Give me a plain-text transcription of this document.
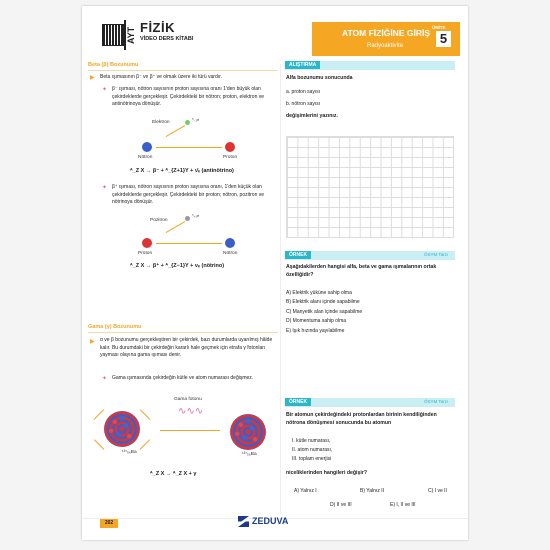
AYT FİZİK
VİDEO DERS KİTABI
ATOM FİZİĞİNE GİRİŞ
Radyoaktivite
ÜNİTE
5
Beta (β) Bozunumu
▶ Beta ışımasının β⁻ ve β⁺ ve olmak üzere iki türü vardır.
✦ β⁻ ışıması, nötron sayısının proton sayısına oranı 1'den büyük olan çekirdeklerde gerçekleşir. Çekirdekteki bir nötron; proton, elektron ve antinötrinoya dönüşür.
Elektron
⁰₋₁e
Nötron	Proton
ᴬ_Z X → β⁻ + ᴬ_{Z+1}Y + ν̄ₑ (antinötrino)
✦ β⁺ ışıması, nötron sayısının proton sayısına oranı, 1'den küçük olan çekirdeklerde gerçekleşir. Çekirdekteki bir proton; nötron, pozitron ve nötrinoya dönüşür.
Pozitron
⁰₊₁e
Proton	Nötron
ᴬ_Z X → β⁺ + ᴬ_{Z−1}Y + νₑ (nötrino)
Gama (γ) Bozunumu
▶ α ve β bozunumu gerçekleştiren bir çekirdek, bazı durumlarda uyarılmış hâlde kalır. Bu durumdaki bir çekirdeğin kararlı hale geçmek için etrafa γ fotonları yayması olayına gama ışıması denir.
✦ Gama ışımasında çekirdeğin kütle ve atom numarası değişmez.
Gama fotonu
¹³⁷₅₆Ba
∿∿∿
¹³⁷₅₆Ba
ᴬ_Z X → ᴬ_Z X + γ
ALIŞTIRMA
Alfa bozunumu sonucunda
a. proton sayısı
b. nötron sayısı
değişimlerini yazınız.
ÖRNEK	ÖSYM Tarzı
Aşağıdakilerden hangisi alfa, beta ve gama ışımalarının ortak özelliğidir?
A) Elektrik yüküne sahip olma
B) Elektrik alanı içinde sapabilme
C) Manyetik alan içinde sapabilme
D) Momentuma sahip olma
E) Işık hızında yayılabilme
ÖRNEK	ÖSYM Tarzı
Bir atomun çekirdeğindeki protonlardan birinin kendiliğinden nötrona dönüşmesi sonucunda bu atomun
I. kütle numarası,
II. atom numarası,
III. toplam enerjisi
niceliklerinden hangileri değişir?
A) Yalnız I	B) Yalnız II	C) I ve II
D) II ve III	E) I, II ve III
202	ZEDUVA
